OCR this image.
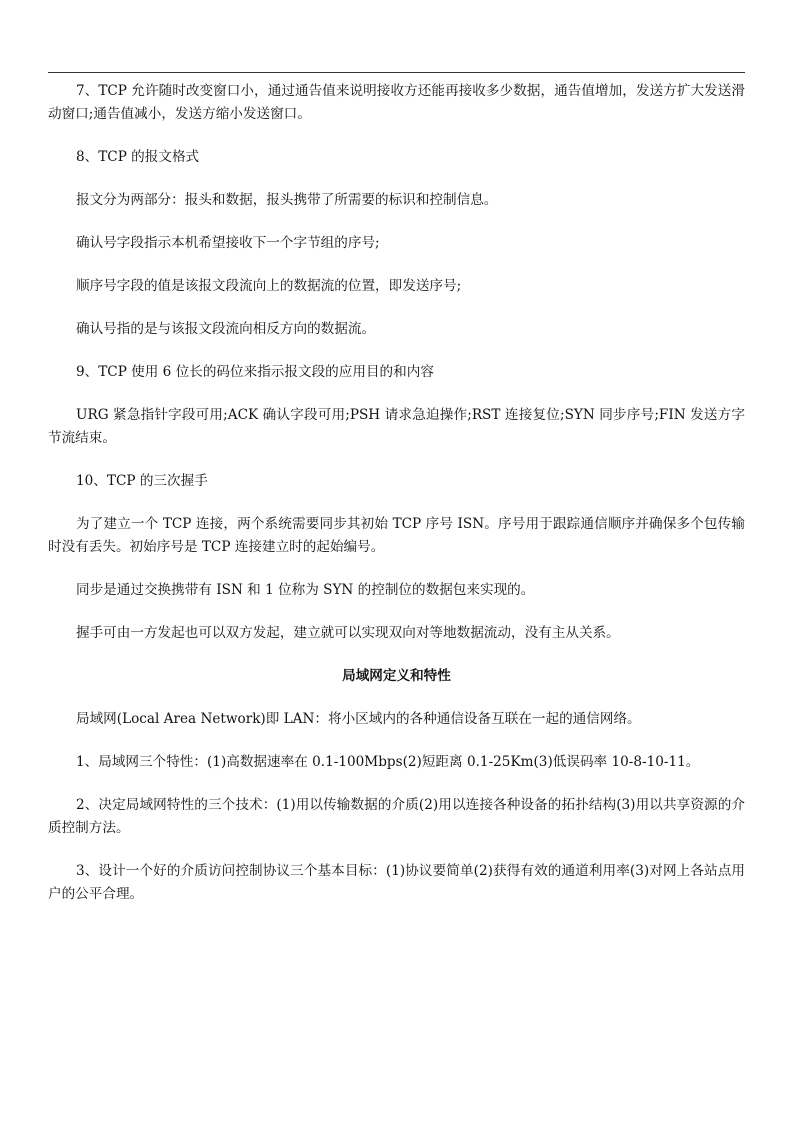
7、TCP 允许随时改变窗口小，通过通告值来说明接收方还能再接收多少数据，通告值增加，发送方扩大发送滑动窗口;通告值减小，发送方缩小发送窗口。

8、TCP 的报文格式

报文分为两部分：报头和数据，报头携带了所需要的标识和控制信息。

确认号字段指示本机希望接收下一个字节组的序号;

顺序号字段的值是该报文段流向上的数据流的位置，即发送序号;

确认号指的是与该报文段流向相反方向的数据流。

9、TCP 使用 6 位长的码位来指示报文段的应用目的和内容

URG 紧急指针字段可用;ACK 确认字段可用;PSH 请求急迫操作;RST 连接复位;SYN 同步序号;FIN 发送方字节流结束。

10、TCP 的三次握手

为了建立一个 TCP 连接，两个系统需要同步其初始 TCP 序号 ISN。序号用于跟踪通信顺序并确保多个包传输时没有丢失。初始序号是 TCP 连接建立时的起始编号。

同步是通过交换携带有 ISN 和 1 位称为 SYN 的控制位的数据包来实现的。

握手可由一方发起也可以双方发起，建立就可以实现双向对等地数据流动，没有主从关系。

局域网定义和特性

局域网(Local Area Network)即 LAN：将小区域内的各种通信设备互联在一起的通信网络。

1、局域网三个特性：(1)高数据速率在 0.1-100Mbps(2)短距离 0.1-25Km(3)低误码率 10-8-10-11。

2、决定局域网特性的三个技术：(1)用以传输数据的介质(2)用以连接各种设备的拓扑结构(3)用以共享资源的介质控制方法。

3、设计一个好的介质访问控制协议三个基本目标：(1)协议要简单(2)获得有效的通道利用率(3)对网上各站点用户的公平合理。
